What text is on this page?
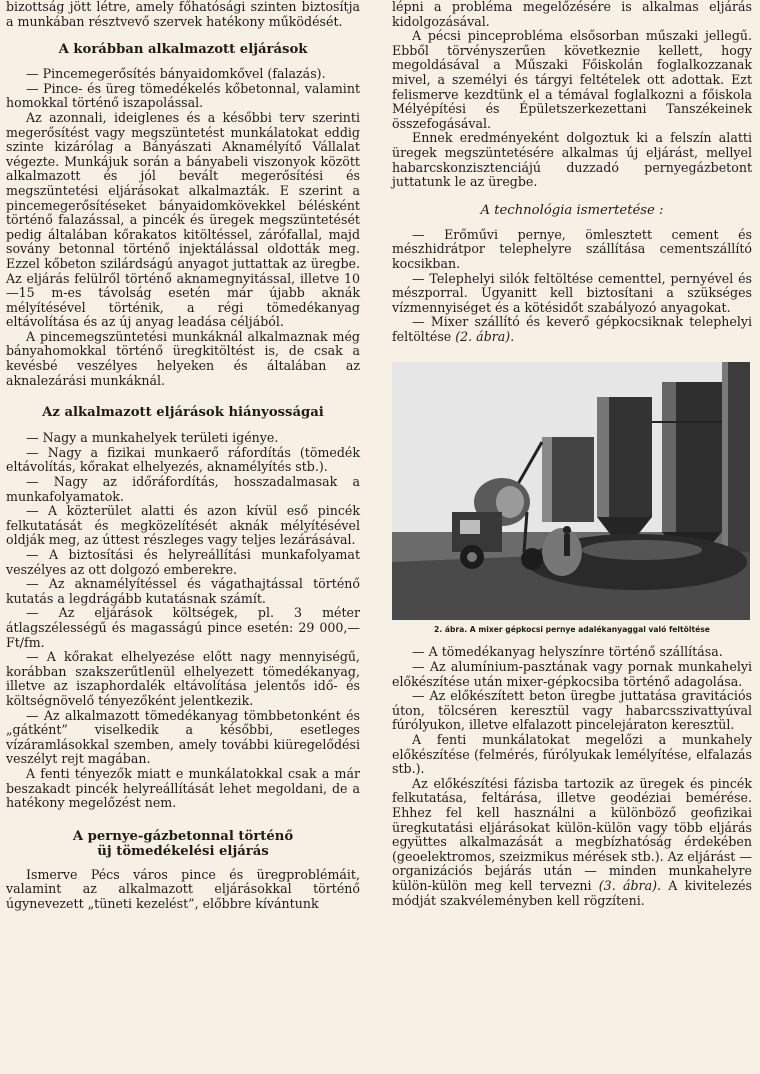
bizottság jött létre, amely főhatósági szinten biztosítja a munkában résztvevő szervek hatékony működését.

A korábban alkalmazott eljárások

— Pincemegerősítés bányaidomkővel (falazás).

— Pince- és üreg tömedékelés kőbetonnal, valamint homokkal történő iszapolással.

Az azonnali, ideiglenes és a későbbi terv szerinti megerősítést vagy megszüntetést munkálatokat eddig szinte kizárólag a Bányászati Aknamélyítő Vállalat végezte. Munkájuk során a bányabeli viszonyok között alkalmazott és jól bevált megerősítési és megszüntetési eljárásokat alkalmazták. E szerint a pincemegerősítéseket bányaidomkövekkel bélésként történő falazással, a pincék és üregek megszüntetését pedig általában kőrakatos kitöltéssel, zárófallal, majd sovány betonnal történő injektálással oldották meg. Ezzel kőbeton szilárdságú anyagot juttattak az üregbe. Az eljárás felülről történő aknamegnyitással, illetve 10—15 m-es távolság esetén már újabb aknák mélyítésével történik, a régi tömedékanyag eltávolítása és az új anyag leadása céljából.

A pincemegszüntetési munkáknál alkalmaznak még bányahomokkal történő üregkitöltést is, de csak a kevésbé veszélyes helyeken és általában az aknalezárási munkáknál.

Az alkalmazott eljárások hiányosságai

— Nagy a munkahelyek területi igénye.

— Nagy a fizikai munkaerő ráfordítás (tömedék eltávolítás, kőrakat elhelyezés, aknamélyítés stb.).

— Nagy az időráfordítás, hosszadalmasak a munkafolyamatok.

— A közterület alatti és azon kívül eső pincék felkutatását és megközelítését aknák mélyítésével oldják meg, az úttest részleges vagy teljes lezárásával.

— A biztosítási és helyreállítási munkafolyamat veszélyes az ott dolgozó emberekre.

— Az aknamélyítéssel és vágathajtással történő kutatás a legdrágább kutatásnak számít.

— Az eljárások költségek, pl. 3 méter átlagszélességű és magasságú pince esetén: 29 000,— Ft/fm.

— A kőrakat elhelyezése előtt nagy mennyiségű, korábban szakszerűtlenül elhelyezett tömedékanyag, illetve az iszaphordalék eltávolítása jelentős idő- és költségnövelő tényezőként jelentkezik.

— Az alkalmazott tömedékanyag tömbbetonként és „gátként” viselkedik a későbbi, esetleges vízáramlásokkal szemben, amely további kiüregelődési veszélyt rejt magában.

A fenti tényezők miatt e munkálatokkal csak a már beszakadt pincék helyreállítását lehet megoldani, de a hatékony megelőzést nem.

A pernye-gázbetonnal történő
üj tömedékelési eljárás

Ismerve Pécs város pince és üregproblémáit, valamint az alkalmazott eljárásokkal történő úgynevezett „tüneti kezelést”, előbbre kívántunk

lépni a probléma megelőzésére is alkalmas eljárás kidolgozásával.

A pécsi pinceprobléma elsősorban műszaki jellegű. Ebből törvényszerűen következnie kellett, hogy megoldásával a Műszaki Főiskolán foglalkozzanak mivel, a személyi és tárgyi feltételek ott adottak. Ezt felismerve kezdtünk el a témával foglalkozni a főiskola Mélyépítési és Épületszerkezettani Tanszékeinek összefogásával.

Ennek eredményeként dolgoztuk ki a felszín alatti üregek megszüntetésére alkalmas új eljárást, mellyel habarcskonzisztenciájú duzzadó pernyegázbetont juttatunk le az üregbe.

A technológia ismertetése :

— Erőművi pernye, ömlesztett cement és mészhidrátpor telephelyre szállítása cementszállító kocsikban.

— Telephelyi silók feltöltése cementtel, pernyével és mészporral. Ugyanitt kell biztosítani a szükséges vízmennyiséget és a kötésidőt szabályozó anyagokat.

— Mixer szállító és keverő gépkocsiknak telephelyi feltöltése (2. ábra).

2. ábra. A mixer gépkocsi pernye adalékanyaggal való feltöltése

— A tömedékanyag helyszínre történő szállítása.

— Az alumínium-pasztának vagy pornak munkahelyi előkészítése után mixer-gépkocsiba történő adagolása.

— Az előkészített beton üregbe juttatása gravitációs úton, tölcséren keresztül vagy habarcsszivattyúval fúrólyukon, illetve elfalazott pincelejáraton keresztül.

A fenti munkálatokat megelőzi a munkahely előkészítése (felmérés, fúrólyukak lemélyítése, elfalazás stb.).

Az előkészítési fázisba tartozik az üregek és pincék felkutatása, feltárása, illetve geodéziai bemérése. Ehhez fel kell használni a különböző geofizikai üregkutatási eljárásokat külön-külön vagy több eljárás együttes alkalmazását a megbízhatóság érdekében (geoelektromos, szeizmikus mérések stb.). Az eljárást — organizációs bejárás után — minden munkahelyre külön-külön meg kell tervezni (3. ábra). A kivitelezés módját szakvéleményben kell rögzíteni.
